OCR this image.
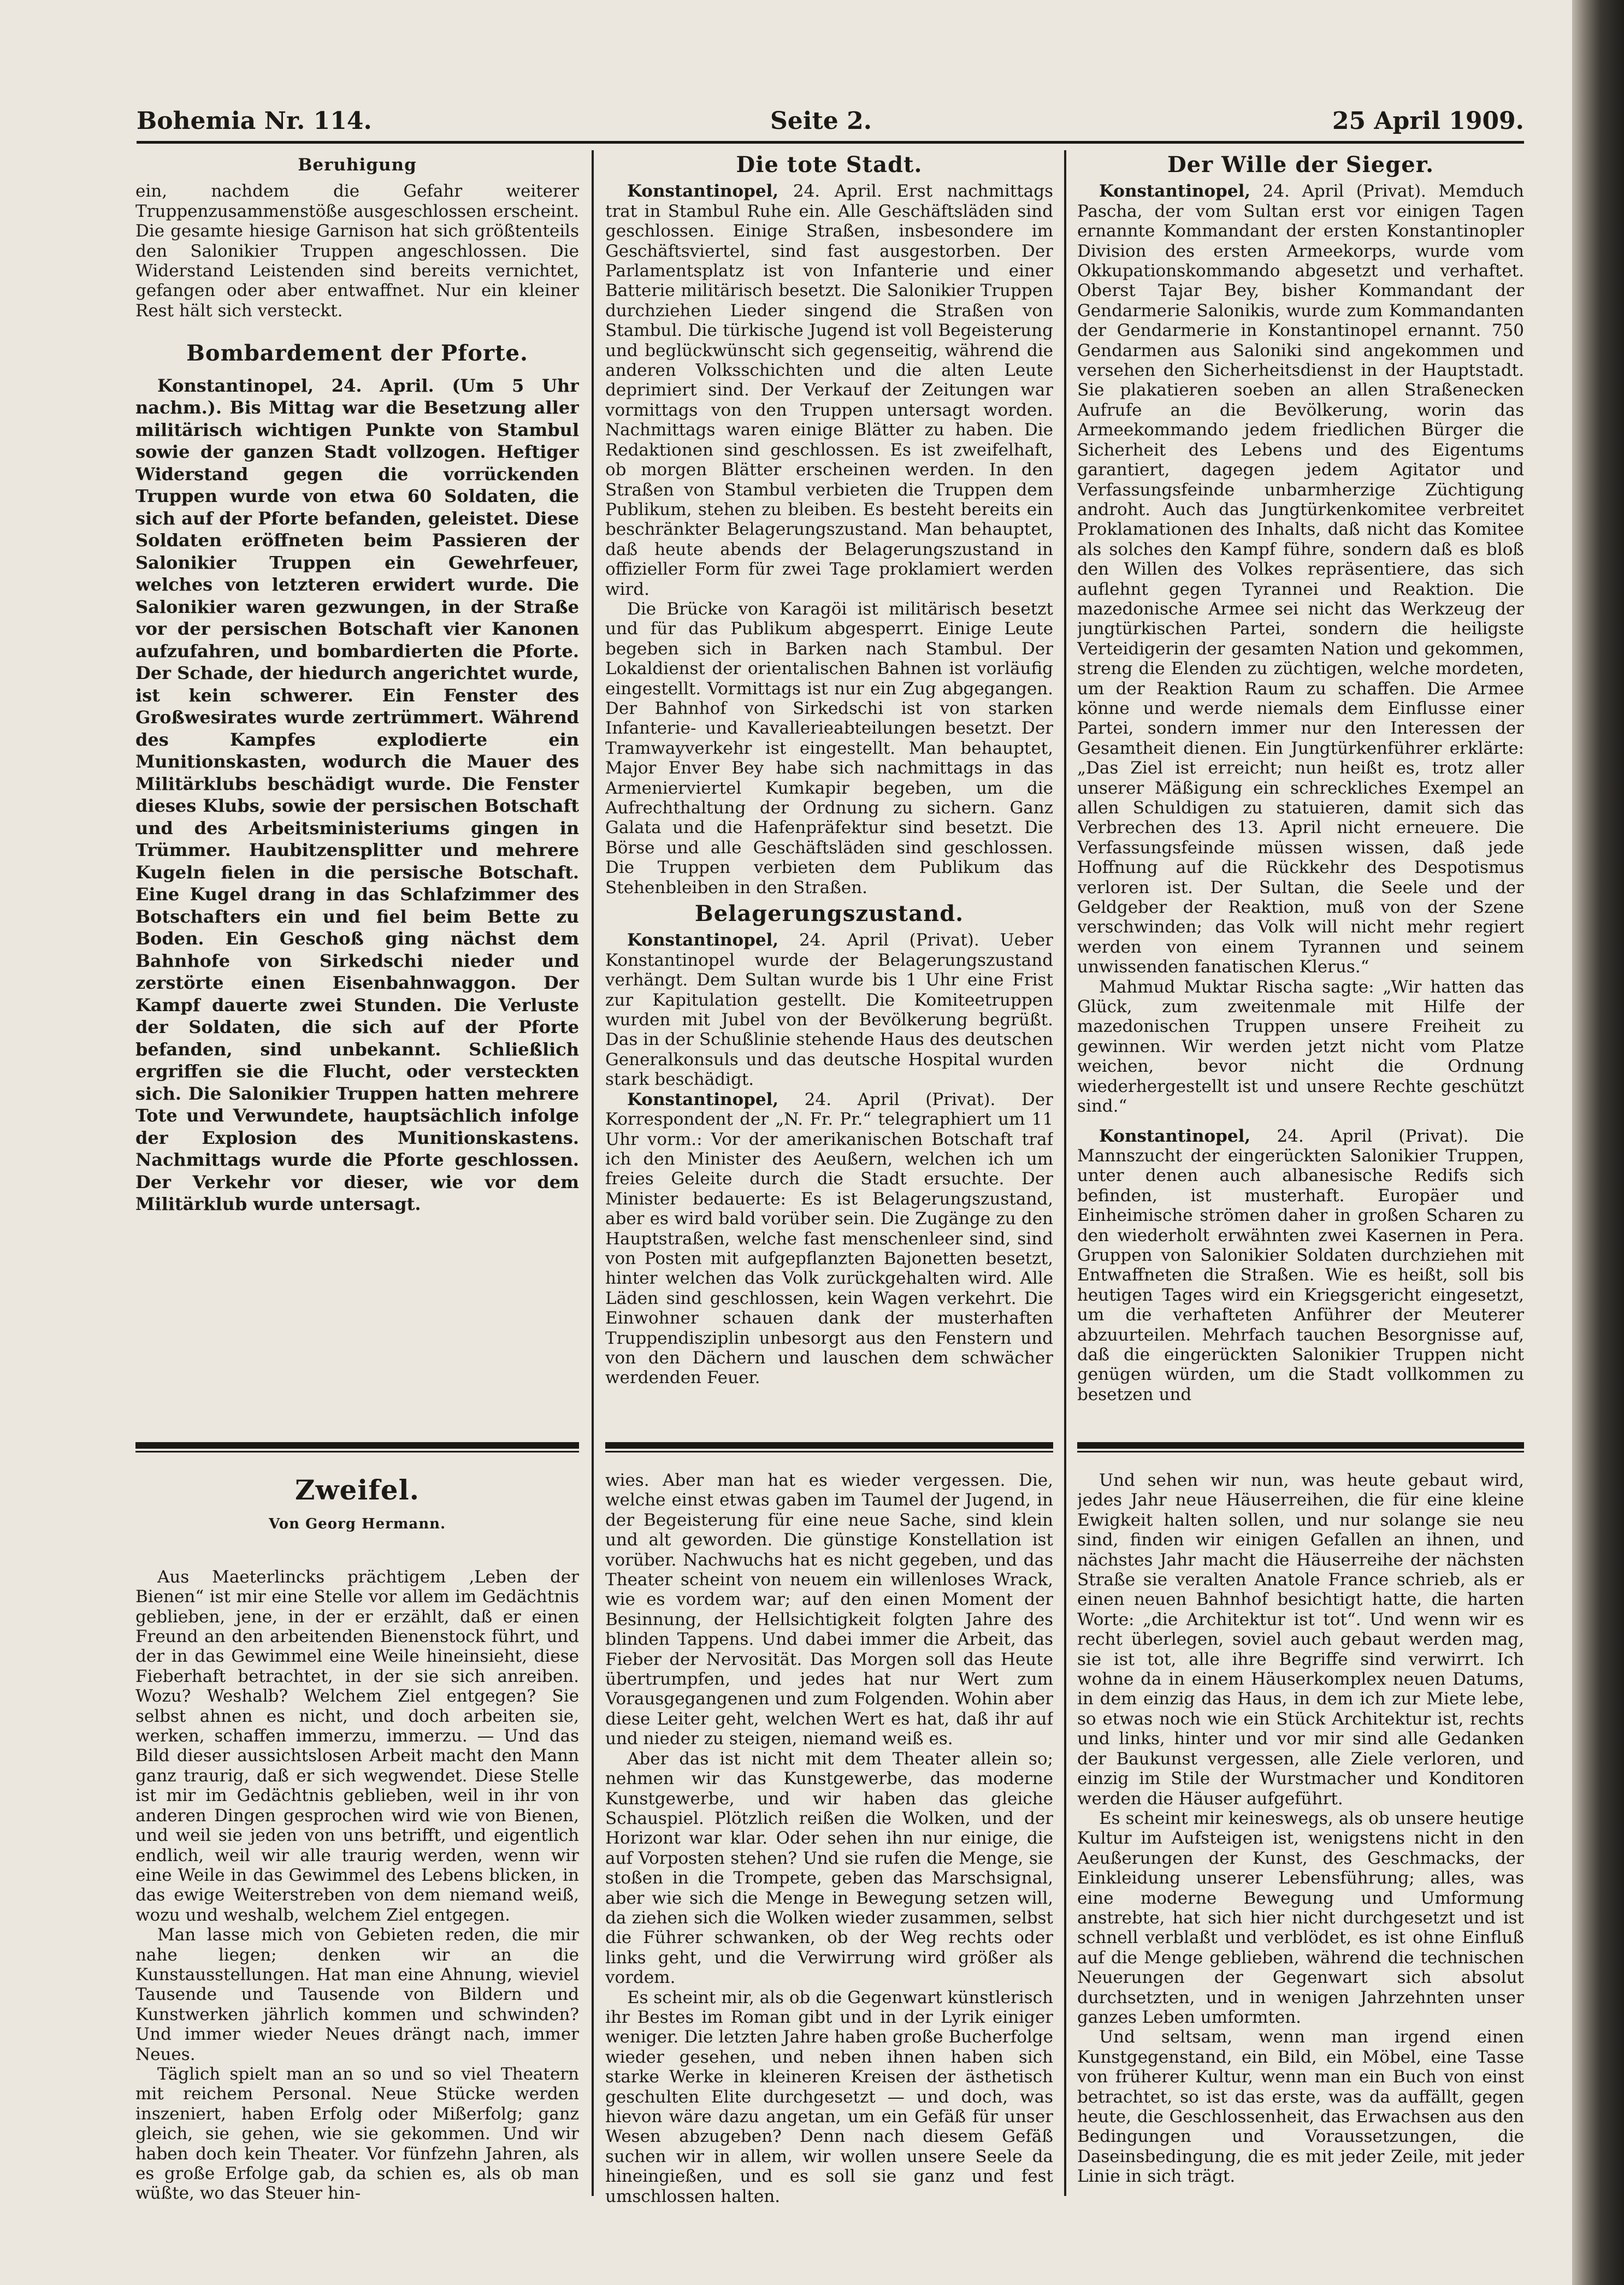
Bohemia Nr. 114.	Seite 2.	25 April 1909.
Beruhigung

ein, nachdem die Gefahr weiterer Truppenzusammenstöße ausgeschlossen erscheint. Die gesamte hiesige Garnison hat sich größtenteils den Salonikier Truppen angeschlossen. Die Widerstand Leistenden sind bereits vernichtet, gefangen oder aber entwaffnet. Nur ein kleiner Rest hält sich versteckt.

Bombardement der Pforte.

Konstantinopel, 24. April. (Um 5 Uhr nachm.). Bis Mittag war die Besetzung aller militärisch wichtigen Punkte von Stambul sowie der ganzen Stadt vollzogen. Heftiger Widerstand gegen die vorrückenden Truppen wurde von etwa 60 Soldaten, die sich auf der Pforte befanden, geleistet. Diese Soldaten eröffneten beim Passieren der Salonikier Truppen ein Gewehrfeuer, welches von letzteren erwidert wurde. Die Salonikier waren gezwungen, in der Straße vor der persischen Botschaft vier Kanonen aufzufahren, und bombardierten die Pforte. Der Schade, der hiedurch angerichtet wurde, ist kein schwerer. Ein Fenster des Großwesirates wurde zertrümmert. Während des Kampfes explodierte ein Munitionskasten, wodurch die Mauer des Militärklubs beschädigt wurde. Die Fenster dieses Klubs, sowie der persischen Botschaft und des Arbeitsministeriums gingen in Trümmer. Haubitzensplitter und mehrere Kugeln fielen in die persische Botschaft. Eine Kugel drang in das Schlafzimmer des Botschafters ein und fiel beim Bette zu Boden. Ein Geschoß ging nächst dem Bahnhofe von Sirkedschi nieder und zerstörte einen Eisenbahnwaggon. Der Kampf dauerte zwei Stunden. Die Verluste der Soldaten, die sich auf der Pforte befanden, sind unbekannt. Schließlich ergriffen sie die Flucht, oder versteckten sich. Die Salonikier Truppen hatten mehrere Tote und Verwundete, hauptsächlich infolge der Explosion des Munitionskastens. Nachmittags wurde die Pforte geschlossen. Der Verkehr vor dieser, wie vor dem Militärklub wurde untersagt.

Die tote Stadt.

Konstantinopel, 24. April. Erst nachmittags trat in Stambul Ruhe ein. Alle Geschäftsläden sind geschlossen. Einige Straßen, insbesondere im Geschäftsviertel, sind fast ausgestorben. Der Parlamentsplatz ist von Infanterie und einer Batterie militärisch besetzt. Die Salonikier Truppen durchziehen Lieder singend die Straßen von Stambul. Die türkische Jugend ist voll Begeisterung und beglückwünscht sich gegenseitig, während die anderen Volksschichten und die alten Leute deprimiert sind. Der Verkauf der Zeitungen war vormittags von den Truppen untersagt worden. Nachmittags waren einige Blätter zu haben. Die Redaktionen sind geschlossen. Es ist zweifelhaft, ob morgen Blätter erscheinen werden. In den Straßen von Stambul verbieten die Truppen dem Publikum, stehen zu bleiben. Es besteht bereits ein beschränkter Belagerungszustand. Man behauptet, daß heute abends der Belagerungszustand in offizieller Form für zwei Tage proklamiert werden wird.

Die Brücke von Karagöi ist militärisch besetzt und für das Publikum abgesperrt. Einige Leute begeben sich in Barken nach Stambul. Der Lokaldienst der orientalischen Bahnen ist vorläufig eingestellt. Vormittags ist nur ein Zug abgegangen. Der Bahnhof von Sirkedschi ist von starken Infanterie- und Kavallerieabteilungen besetzt. Der Tramwayverkehr ist eingestellt. Man behauptet, Major Enver Bey habe sich nachmittags in das Armenierviertel Kumkapir begeben, um die Aufrechthaltung der Ordnung zu sichern. Ganz Galata und die Hafenpräfektur sind besetzt. Die Börse und alle Geschäftsläden sind geschlossen. Die Truppen verbieten dem Publikum das Stehenbleiben in den Straßen.

Belagerungszustand.

Konstantinopel, 24. April (Privat). Ueber Konstantinopel wurde der Belagerungszustand verhängt. Dem Sultan wurde bis 1 Uhr eine Frist zur Kapitulation gestellt. Die Komiteetruppen wurden mit Jubel von der Bevölkerung begrüßt. Das in der Schußlinie stehende Haus des deutschen Generalkonsuls und das deutsche Hospital wurden stark beschädigt.

Konstantinopel, 24. April (Privat). Der Korrespondent der „N. Fr. Pr.“ telegraphiert um 11 Uhr vorm.: Vor der amerikanischen Botschaft traf ich den Minister des Aeußern, welchen ich um freies Geleite durch die Stadt ersuchte. Der Minister bedauerte: Es ist Belagerungszustand, aber es wird bald vorüber sein. Die Zugänge zu den Hauptstraßen, welche fast menschenleer sind, sind von Posten mit aufgepflanzten Bajonetten besetzt, hinter welchen das Volk zurückgehalten wird. Alle Läden sind geschlossen, kein Wagen verkehrt. Die Einwohner schauen dank der musterhaften Truppendisziplin unbesorgt aus den Fenstern und von den Dächern und lauschen dem schwächer werdenden Feuer.

Der Wille der Sieger.

Konstantinopel, 24. April (Privat). Memduch Pascha, der vom Sultan erst vor einigen Tagen ernannte Kommandant der ersten Konstantinopler Division des ersten Armeekorps, wurde vom Okkupationskommando abgesetzt und verhaftet. Oberst Tajar Bey, bisher Kommandant der Gendarmerie Salonikis, wurde zum Kommandanten der Gendarmerie in Konstantinopel ernannt. 750 Gendarmen aus Saloniki sind angekommen und versehen den Sicherheitsdienst in der Hauptstadt. Sie plakatieren soeben an allen Straßenecken Aufrufe an die Bevölkerung, worin das Armeekommando jedem friedlichen Bürger die Sicherheit des Lebens und des Eigentums garantiert, dagegen jedem Agitator und Verfassungsfeinde unbarmherzige Züchtigung androht. Auch das Jungtürkenkomitee verbreitet Proklamationen des Inhalts, daß nicht das Komitee als solches den Kampf führe, sondern daß es bloß den Willen des Volkes repräsentiere, das sich auflehnt gegen Tyrannei und Reaktion. Die mazedonische Armee sei nicht das Werkzeug der jungtürkischen Partei, sondern die heiligste Verteidigerin der gesamten Nation und gekommen, streng die Elenden zu züchtigen, welche mordeten, um der Reaktion Raum zu schaffen. Die Armee könne und werde niemals dem Einflusse einer Partei, sondern immer nur den Interessen der Gesamtheit dienen. Ein Jungtürkenführer erklärte: „Das Ziel ist erreicht; nun heißt es, trotz aller unserer Mäßigung ein schreckliches Exempel an allen Schuldigen zu statuieren, damit sich das Verbrechen des 13. April nicht erneuere. Die Verfassungsfeinde müssen wissen, daß jede Hoffnung auf die Rückkehr des Despotismus verloren ist. Der Sultan, die Seele und der Geldgeber der Reaktion, muß von der Szene verschwinden; das Volk will nicht mehr regiert werden von einem Tyrannen und seinem unwissenden fanatischen Klerus.“

Mahmud Muktar Rischa sagte: „Wir hatten das Glück, zum zweitenmale mit Hilfe der mazedonischen Truppen unsere Freiheit zu gewinnen. Wir werden jetzt nicht vom Platze weichen, bevor nicht die Ordnung wiederhergestellt ist und unsere Rechte geschützt sind.“

Konstantinopel, 24. April (Privat). Die Mannszucht der eingerückten Salonikier Truppen, unter denen auch albanesische Redifs sich befinden, ist musterhaft. Europäer und Einheimische strömen daher in großen Scharen zu den wiederholt erwähnten zwei Kasernen in Pera. Gruppen von Salonikier Soldaten durchziehen mit Entwaffneten die Straßen. Wie es heißt, soll bis heutigen Tages wird ein Kriegsgericht eingesetzt, um die verhafteten Anführer der Meuterer abzuurteilen. Mehrfach tauchen Besorgnisse auf, daß die eingerückten Salonikier Truppen nicht genügen würden, um die Stadt vollkommen zu besetzen und

Zweifel.
Von Georg Hermann.

Aus Maeterlincks prächtigem ‚Leben der Bienen“ ist mir eine Stelle vor allem im Gedächtnis geblieben, jene, in der er erzählt, daß er einen Freund an den arbeitenden Bienenstock führt, und der in das Gewimmel eine Weile hineinsieht, diese Fieberhaft betrachtet, in der sie sich anreiben. Wozu? Weshalb? Welchem Ziel entgegen? Sie selbst ahnen es nicht, und doch arbeiten sie, werken, schaffen immerzu, immerzu. — Und das Bild dieser aussichtslosen Arbeit macht den Mann ganz traurig, daß er sich wegwendet. Diese Stelle ist mir im Gedächtnis geblieben, weil in ihr von anderen Dingen gesprochen wird wie von Bienen, und weil sie jeden von uns betrifft, und eigentlich endlich, weil wir alle traurig werden, wenn wir eine Weile in das Gewimmel des Lebens blicken, in das ewige Weiterstreben von dem niemand weiß, wozu und weshalb, welchem Ziel entgegen.

Man lasse mich von Gebieten reden, die mir nahe liegen; denken wir an die Kunstausstellungen. Hat man eine Ahnung, wieviel Tausende und Tausende von Bildern und Kunstwerken jährlich kommen und schwinden? Und immer wieder Neues drängt nach, immer Neues.

Täglich spielt man an so und so viel Theatern mit reichem Personal. Neue Stücke werden inszeniert, haben Erfolg oder Mißerfolg; ganz gleich, sie gehen, wie sie gekommen. Und wir haben doch kein Theater. Vor fünfzehn Jahren, als es große Erfolge gab, da schien es, als ob man wüßte, wo das Steuer hin-

wies. Aber man hat es wieder vergessen. Die, welche einst etwas gaben im Taumel der Jugend, in der Begeisterung für eine neue Sache, sind klein und alt geworden. Die günstige Konstellation ist vorüber. Nachwuchs hat es nicht gegeben, und das Theater scheint von neuem ein willenloses Wrack, wie es vordem war; auf den einen Moment der Besinnung, der Hellsichtigkeit folgten Jahre des blinden Tappens. Und dabei immer die Arbeit, das Fieber der Nervosität. Das Morgen soll das Heute übertrumpfen, und jedes hat nur Wert zum Vorausgegangenen und zum Folgenden. Wohin aber diese Leiter geht, welchen Wert es hat, daß ihr auf und nieder zu steigen, niemand weiß es.

Aber das ist nicht mit dem Theater allein so; nehmen wir das Kunstgewerbe, das moderne Kunstgewerbe, und wir haben das gleiche Schauspiel. Plötzlich reißen die Wolken, und der Horizont war klar. Oder sehen ihn nur einige, die auf Vorposten stehen? Und sie rufen die Menge, sie stoßen in die Trompete, geben das Marschsignal, aber wie sich die Menge in Bewegung setzen will, da ziehen sich die Wolken wieder zusammen, selbst die Führer schwanken, ob der Weg rechts oder links geht, und die Verwirrung wird größer als vordem.

Es scheint mir, als ob die Gegenwart künstlerisch ihr Bestes im Roman gibt und in der Lyrik einiger weniger. Die letzten Jahre haben große Bucherfolge wieder gesehen, und neben ihnen haben sich starke Werke in kleineren Kreisen der ästhetisch geschulten Elite durchgesetzt — und doch, was hievon wäre dazu angetan, um ein Gefäß für unser Wesen abzugeben? Denn nach diesem Gefäß suchen wir in allem, wir wollen unsere Seele da hineingießen, und es soll sie ganz und fest umschlossen halten.

Und sehen wir nun, was heute gebaut wird, jedes Jahr neue Häuserreihen, die für eine kleine Ewigkeit halten sollen, und nur solange sie neu sind, finden wir einigen Gefallen an ihnen, und nächstes Jahr macht die Häuserreihe der nächsten Straße sie veralten Anatole France schrieb, als er einen neuen Bahnhof besichtigt hatte, die harten Worte: „die Architektur ist tot“. Und wenn wir es recht überlegen, soviel auch gebaut werden mag, sie ist tot, alle ihre Begriffe sind verwirrt. Ich wohne da in einem Häuserkomplex neuen Datums, in dem einzig das Haus, in dem ich zur Miete lebe, so etwas noch wie ein Stück Architektur ist, rechts und links, hinter und vor mir sind alle Gedanken der Baukunst vergessen, alle Ziele verloren, und einzig im Stile der Wurstmacher und Konditoren werden die Häuser aufgeführt.

Es scheint mir keineswegs, als ob unsere heutige Kultur im Aufsteigen ist, wenigstens nicht in den Aeußerungen der Kunst, des Geschmacks, der Einkleidung unserer Lebensführung; alles, was eine moderne Bewegung und Umformung anstrebte, hat sich hier nicht durchgesetzt und ist schnell verblaßt und verblödet, es ist ohne Einfluß auf die Menge geblieben, während die technischen Neuerungen der Gegenwart sich absolut durchsetzten, und in wenigen Jahrzehnten unser ganzes Leben umformten.

Und seltsam, wenn man irgend einen Kunstgegenstand, ein Bild, ein Möbel, eine Tasse von früherer Kultur, wenn man ein Buch von einst betrachtet, so ist das erste, was da auffällt, gegen heute, die Geschlossenheit, das Erwachsen aus den Bedingungen und Voraussetzungen, die Daseinsbedingung, die es mit jeder Zeile, mit jeder Linie in sich trägt.
